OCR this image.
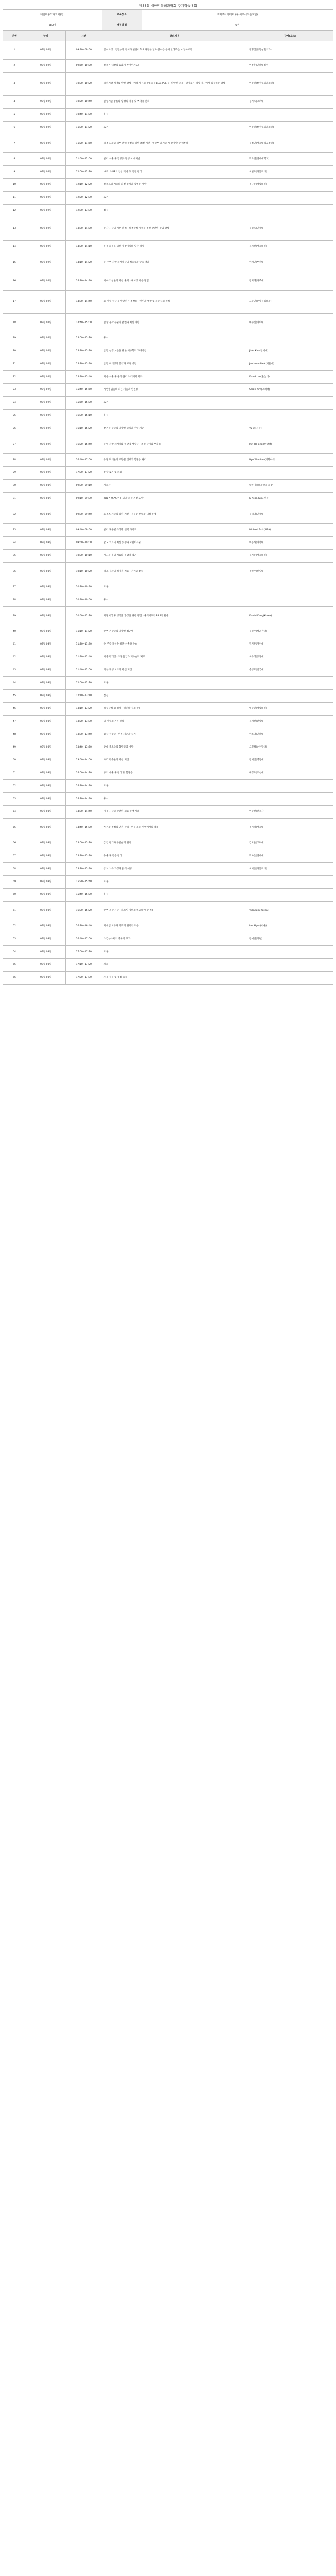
제53회 대한미용외과학회 추계학술대회
대한미용외과학회(한)	교육장소	로베로아카데미 (구 서초쉐라톤호텔)
580명	배정평점	6점
연번	날짜	시간	강의제목	강사(소속)
1	09월 02일	09:30~09:50	길이조정 · 안면부의 길이가 판단이 1:1 다양한 일자 종이를 통해 알려주는 ~ 알아보기	정형신(유명성형외과)
2	09월 02일	09:50~10:00	실리콘 대장의 효과가 무엇인가요?	이종훈(인하대병원)
3	09월 02일	10:00~10:20	피하지방 제거를 위한 방법 - 배액 개선의 활용을 (PLLA, PCL 등) 다양한 소재 - 알아보는 방향 제시에서 활용하는 방법	이주원(뷰성형외과의원)
4	09월 02일	10:20~10:40	필링시술 종류와 임상의 적용 및 부작용 관리	김지호(고려대)
5	09월 02일	10:40~11:00	휴식	
6	09월 02일	11:00~11:20	토론	이주원(뷰성형외과의원)
7	09월 02일	11:20~11:50	피부 노화와 피부 탄력 증진을 위한 최신 지견 - 얼굴부위 시술 시 알아야 할 해부학	김정민(서울대학교병원)
8	09월 02일	11:50~12:00	필러 시술 후 합병증 발생 시 대처법	박소연(연세대학교)
9	09월 02일	12:00~12:10	HIFU와 RF의 임상 적용 및 안전 관리	최현우(가톨릭대)
10	09월 02일	12:10~12:20	실리프팅 시술의 최신 동향과 합병증 예방	정다은(청담의원)
11	09월 02일	12:20~12:30	토론	
12	09월 02일	12:30~13:30	점심	
13	09월 02일	13:30~14:00	주사 시술의 기본 원리 - 해부학적 이해를 통한 안전한 주입 방법	김명호(연세대)
14	09월 02일	14:00~14:10	볼륨 회복을 위한 지방이식의 임상 경험	윤서현(서울의원)
15	09월 02일	14:10~14:20	눈 주변 지방 재배치술의 적응증과 수술 결과	한재민(부산대)
16	09월 02일	14:20~14:30	이마 거상술의 최신 술기 - 내시경 이용 방법	강지혜(아주대)
17	09월 02일	14:30~14:40	코 성형 수술 후 발생하는 부작용 - 원인과 예방 및 재수술의 원칙	오승민(분당성형외과)
18	09월 02일	14:40~15:00	얼굴 윤곽 수술의 발전과 최신 경향	배수진(경희대)
19	09월 02일	15:00~15:10	휴식	
20	09월 02일	15:10~15:20	안면 신경 보존을 위한 해부학적 고려사항	Ji Ae Kim(연세대)
21	09월 02일	15:20~15:30	안면 비대칭의 분석과 교정 방법	Jae Hoon Park(서울대)
22	09월 02일	15:30~15:40	미용 시술 후 흉터 관리와 레이저 치료	David Lee(울산대)
23	09월 02일	15:40~15:50	지방흡입술의 최신 기술과 안전성	Sarah Kim(고려대)
24	09월 02일	15:50~16:00	토론	
25	09월 02일	16:00~16:10	휴식	
26	09월 02일	16:10~16:20	쌍꺼풀 수술의 다양한 술식과 선택 기준	Yu Jin(서울)
27	09월 02일	16:20~16:40	눈밑 지방 재배치와 하안검 성형술 - 최신 술기와 부작용	Min Ho Choi(한양대)
28	09월 02일	16:40~17:00	유방 확대술의 보형물 선택과 합병증 관리	Hye Won Lee(이화여대)
29	09월 02일	17:00~17:20	종합 토론 및 폐회	
30	09월 03일	09:00~09:10	개회사	대한미용외과학회 회장
31	09월 03일	09:10~09:30	2017 KSAS 미용 외과 최신 지견 요약	Ju Yeon Kim(서울)
32	09월 03일	09:30~09:40	보톡스 시술의 최신 지견 - 적응증 확대와 내성 문제	김태영(연세대)
33	09월 03일	09:40~09:50	필러 제품별 특성과 선택 가이드	Michael Park(USA)
34	09월 03일	09:50~10:00	탈모 치료의 최신 동향과 모발이식술	이동하(경북대)
35	09월 03일	10:00~10:10	여드름 흉터 치료의 복합적 접근	김지은(서울의원)
36	09월 03일	10:10~10:20	색소 질환의 레이저 치료 - 기미와 잡티	정현수(한림대)
37	09월 03일	10:20~10:30	토론	
38	09월 03일	10:30~10:50	휴식	
39	09월 03일	10:50~11:10	지방이식 후 생착률 향상을 위한 방법 - 줄기세포와 PRP의 활용	Daniel Kang(Korea)
40	09월 03일	11:10~11:20	안면 거상술의 다양한 접근법	김민수(성균관대)
41	09월 03일	11:20~11:30	목 주름 개선을 위한 시술과 수술	박지훈(가천대)
42	09월 03일	11:30~11:40	이중턱 개선 - 지방흡입과 비수술적 치료	최유리(중앙대)
43	09월 03일	11:40~12:00	피부 재생 치료의 최신 지견	손영호(건국대)
44	09월 03일	12:00~12:10	토론	
45	09월 03일	12:10~13:10	점심	
46	09월 03일	13:10~13:20	비수술적 코 성형 - 필러와 실의 활용	임수빈(청담의원)
47	09월 03일	13:20~13:30	귀 성형의 기본 원칙	윤재현(전남대)
48	09월 03일	13:30~13:40	입술 성형술 - 미적 기준과 술기	한소영(인하대)
49	09월 03일	13:40~13:50	광대 축소술의 합병증과 예방	오민석(순천향대)
50	09월 03일	13:50~14:00	사각턱 수술의 최신 지견	강혜진(영남대)
51	09월 03일	14:00~14:10	양악 수술 후 관리 및 합병증	배정우(조선대)
52	09월 03일	14:10~14:20	토론	
53	09월 03일	14:20~14:30	휴식	
54	09월 03일	14:30~14:40	미용 시술과 관련된 의료 분쟁 사례	이승현(변호사)
55	09월 03일	14:40~15:00	마취와 진정의 안전 관리 - 미용 외과 영역에서의 적용	정미경(서울대)
56	09월 03일	15:00~15:10	감염 관리와 무균술의 원칙	김도윤(고려대)
57	09월 03일	15:10~15:20	수술 후 통증 관리	박하은(연세대)
58	09월 03일	15:20~15:30	상처 치유 과정과 흉터 예방	최서준(가톨릭대)
59	09월 03일	15:30~15:40	토론	
60	09월 03일	15:40~16:00	휴식	
61	09월 03일	16:00~16:20	안면 윤곽 시술 - 리프팅 장비의 비교와 임상 적용	Yoon Kim(Korea)
62	09월 03일	16:20~16:40	미세침 고주파 치료의 원리와 적용	Lee Hyun(서울)
63	09월 03일	16:40~17:00	스킨부스터의 종류와 효과	장예린(의원)
64	09월 03일	17:00~17:10	토론	
65	09월 03일	17:10~17:20	폐회	
66	09월 03일	17:20~17:30	사후 설문 및 평점 등록	
